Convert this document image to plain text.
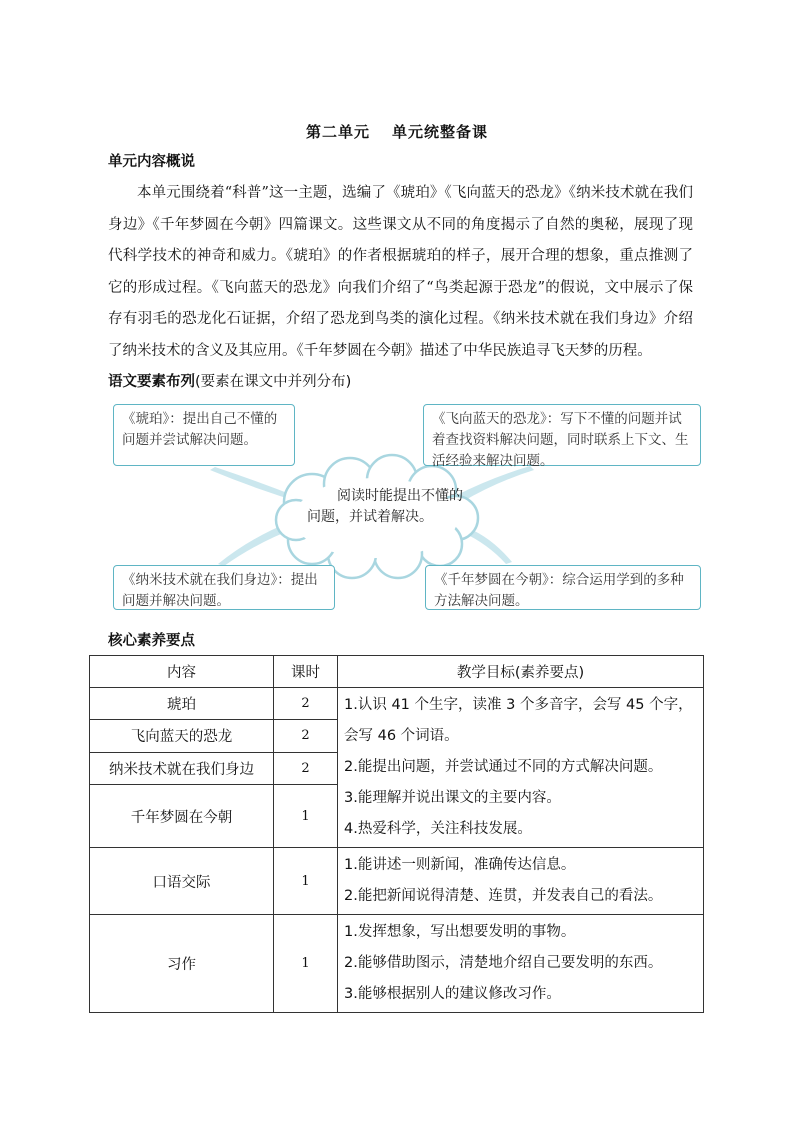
第二单元 单元统整备课
单元内容概说

本单元围绕着“科普”这一主题，选编了《琥珀》《飞向蓝天的恐龙》《纳米技术就在我们身边》《千年梦圆在今朝》四篇课文。这些课文从不同的角度揭示了自然的奥秘，展现了现代科学技术的神奇和威力。《琥珀》的作者根据琥珀的样子，展开合理的想象，重点推测了它的形成过程。《飞向蓝天的恐龙》向我们介绍了“鸟类起源于恐龙”的假说，文中展示了保存有羽毛的恐龙化石证据，介绍了恐龙到鸟类的演化过程。《纳米技术就在我们身边》介绍了纳米技术的含义及其应用。《千年梦圆在今朝》描述了中华民族追寻飞天梦的历程。

语文要素布列(要素在课文中并列分布)
《琥珀》：提出自己不懂的问题并尝试解决问题。
《飞向蓝天的恐龙》：写下不懂的问题并试着查找资料解决问题，同时联系上下文、生活经验来解决问题。
《纳米技术就在我们身边》：提出问题并解决问题。
《千年梦圆在今朝》：综合运用学到的多种方法解决问题。
阅读时能提出不懂的问题，并试着解决。
核心素养要点
内容	课时	教学目标(素养要点)
琥珀	2	1.认识 41 个生字，读准 3 个多音字，会写 45 个字，会写 46 个词语。
2.能提出问题，并尝试通过不同的方式解决问题。
3.能理解并说出课文的主要内容。
4.热爱科学，关注科技发展。

飞向蓝天的恐龙	2	
纳米技术就在我们身边	2	
千年梦圆在今朝	1	
口语交际	1	1.能讲述一则新闻，准确传达信息。
2.能把新闻说得清楚、连贯，并发表自己的看法。

习作	1	1.发挥想象，写出想要发明的事物。
2.能够借助图示，清楚地介绍自己要发明的东西。
3.能够根据别人的建议修改习作。
